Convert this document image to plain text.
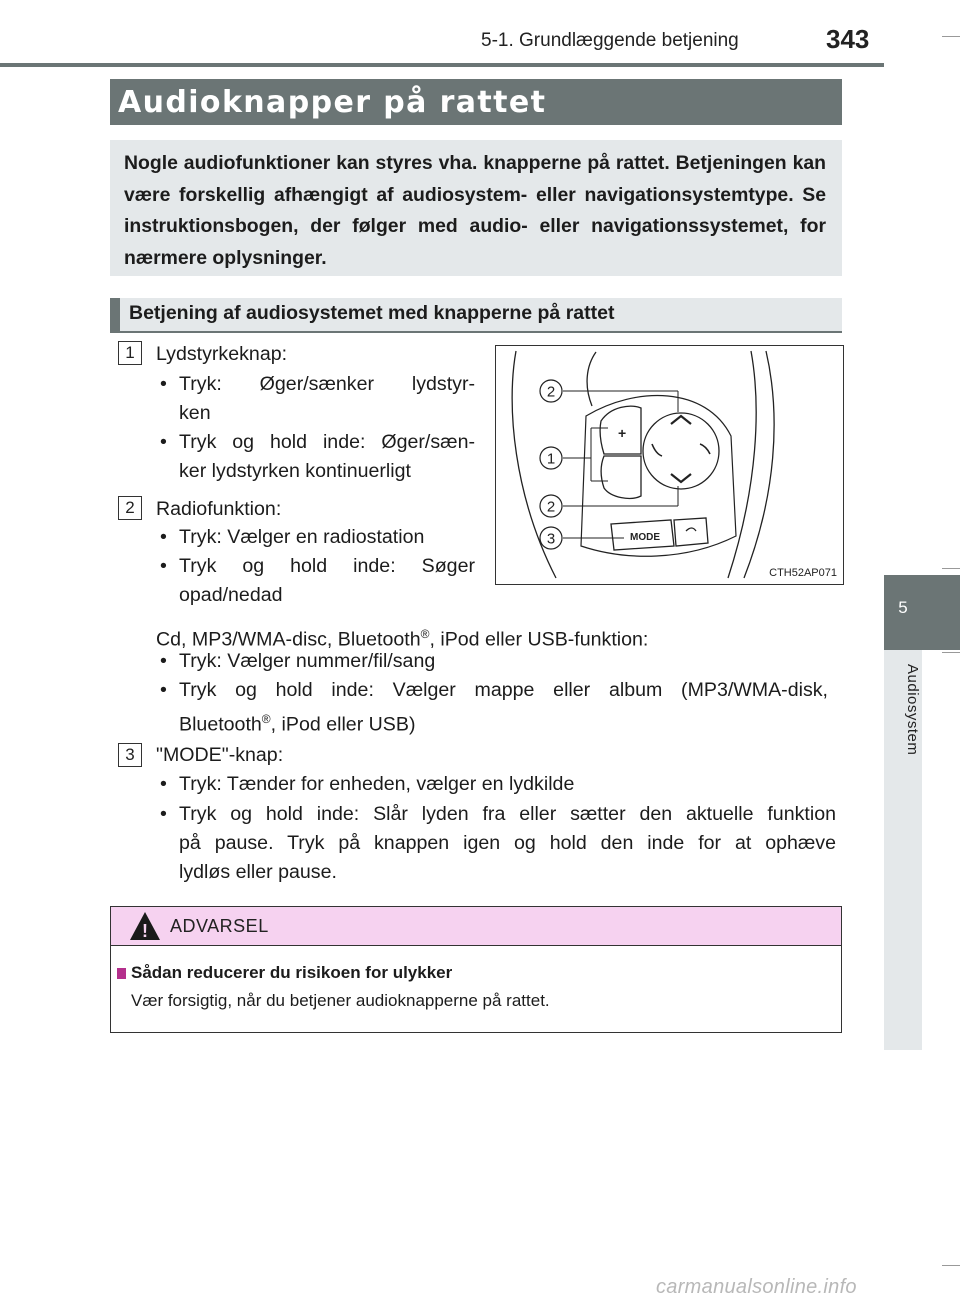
5-1. Grundlæggende betjening	343
5
Audiosystem
Audioknapper på rattet
Nogle audiofunktioner kan styres vha. knapperne på rattet. Betjeningen kan være forskellig afhængigt af audiosystem- eller navigationsystemtype. Se instruktionsbogen, der følger med audio- eller navigationssystemet, for nærmere oplysninger.
Betjening af audiosystemet med knapperne på rattet
1	Lydstyrkeknap:
• Tryk: Øger/sænker lydstyr-
ken
• Tryk og hold inde: Øger/sæn-
ker lydstyrken kontinuerligt
2	Radiofunktion:
• Tryk: Vælger en radiostation
• Tryk og hold inde: Søger
opad/nedad
Cd, MP3/WMA-disc, Bluetooth®, iPod eller USB-funktion:
• Tryk: Vælger nummer/fil/sang
• Tryk og hold inde: Vælger mappe eller album (MP3/WMA-disk,
Bluetooth®, iPod eller USB)
3	"MODE"-knap:
• Tryk: Tænder for enheden, vælger en lydkilde
• Tryk og hold inde: Slår lyden fra eller sætter den aktuelle funktion
på pause. Tryk på knappen igen og hold den inde for at ophæve
lydløs eller pause.
+
MODE
2
1
2
3
CTH52AP071
! ADVARSEL
Sådan reducerer du risikoen for ulykker
Vær forsigtig, når du betjener audioknapperne på rattet.
carmanualsonline.info
